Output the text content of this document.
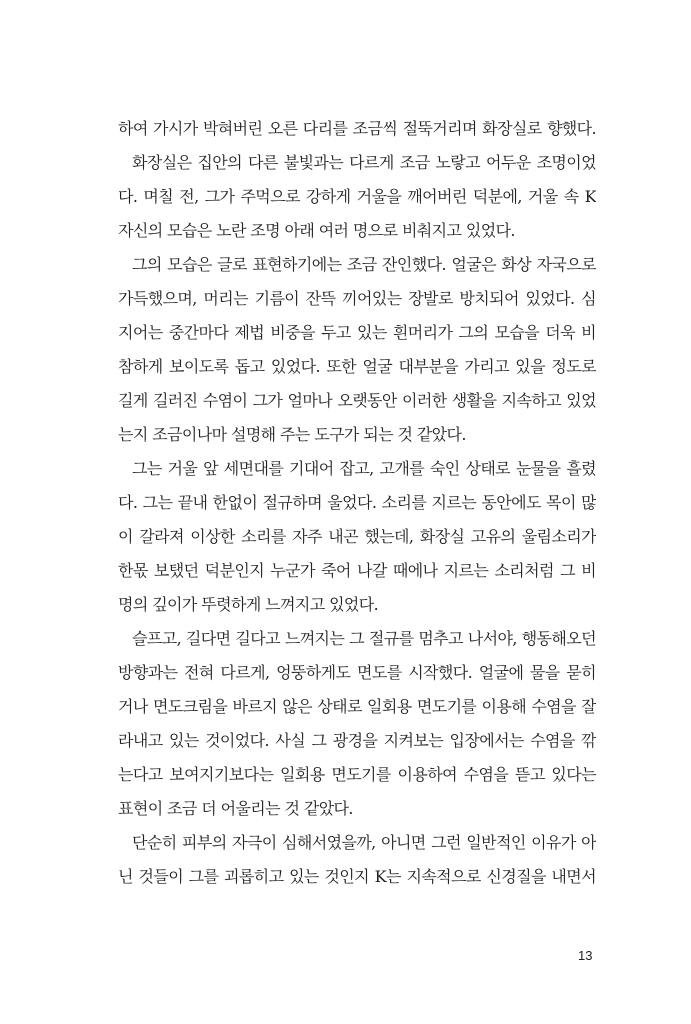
하여 가시가 박혀버린 오른 다리를 조금씩 절뚝거리며 화장실로 향했다.
화장실은 집안의 다른 불빛과는 다르게 조금 노랗고 어두운 조명이었
다. 며칠 전, 그가 주먹으로 강하게 거울을 깨어버린 덕분에, 거울 속 K
자신의 모습은 노란 조명 아래 여러 명으로 비춰지고 있었다.
그의 모습은 글로 표현하기에는 조금 잔인했다. 얼굴은 화상 자국으로
가득했으며, 머리는 기름이 잔뜩 끼어있는 장발로 방치되어 있었다. 심
지어는 중간마다 제법 비중을 두고 있는 흰머리가 그의 모습을 더욱 비
참하게 보이도록 돕고 있었다. 또한 얼굴 대부분을 가리고 있을 정도로
길게 길러진 수염이 그가 얼마나 오랫동안 이러한 생활을 지속하고 있었
는지 조금이나마 설명해 주는 도구가 되는 것 같았다.
그는 거울 앞 세면대를 기대어 잡고, 고개를 숙인 상태로 눈물을 흘렸
다. 그는 끝내 한없이 절규하며 울었다. 소리를 지르는 동안에도 목이 많
이 갈라져 이상한 소리를 자주 내곤 했는데, 화장실 고유의 울림소리가
한몫 보탰던 덕분인지 누군가 죽어 나갈 때에나 지르는 소리처럼 그 비
명의 깊이가 뚜렷하게 느껴지고 있었다.
슬프고, 길다면 길다고 느껴지는 그 절규를 멈추고 나서야, 행동해오던
방향과는 전혀 다르게, 엉뚱하게도 면도를 시작했다. 얼굴에 물을 묻히
거나 면도크림을 바르지 않은 상태로 일회용 면도기를 이용해 수염을 잘
라내고 있는 것이었다. 사실 그 광경을 지켜보는 입장에서는 수염을 깎
는다고 보여지기보다는 일회용 면도기를 이용하여 수염을 뜯고 있다는
표현이 조금 더 어울리는 것 같았다.
단순히 피부의 자극이 심해서였을까, 아니면 그런 일반적인 이유가 아
닌 것들이 그를 괴롭히고 있는 것인지 K는 지속적으로 신경질을 내면서
13
